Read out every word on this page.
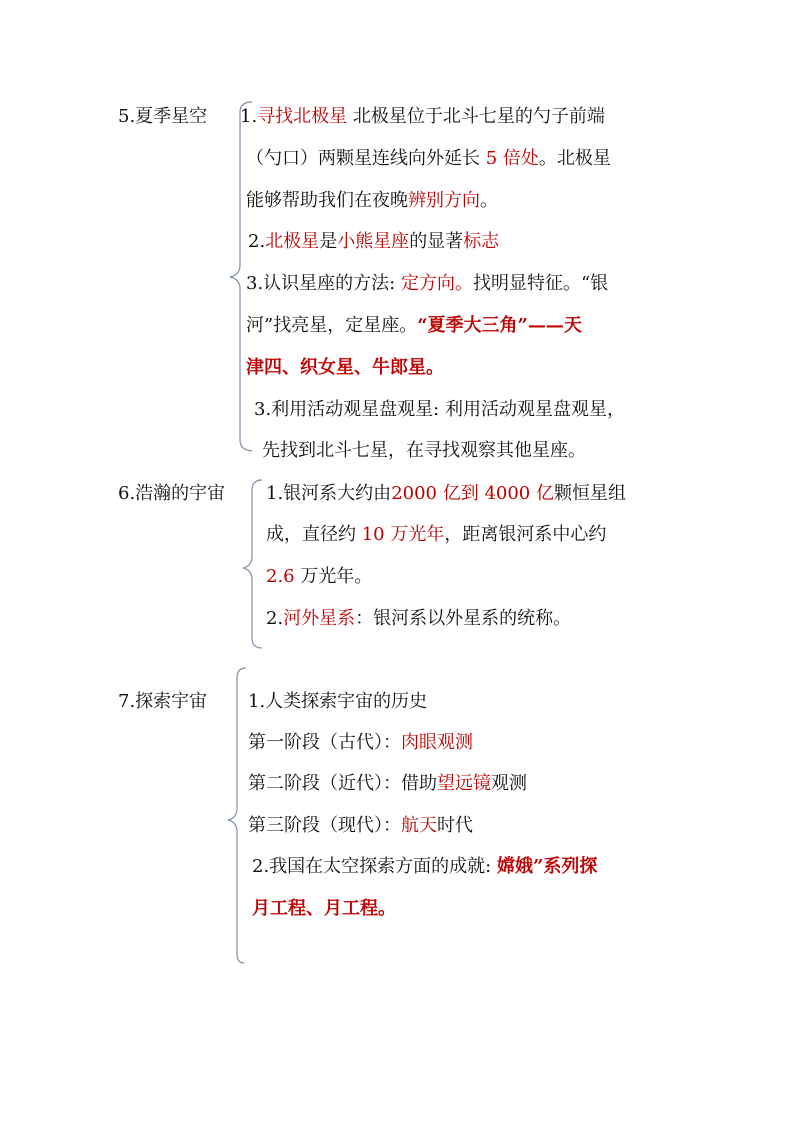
5.夏季星空 1.寻找北极星 北极星位于北斗七星的勺子前端
（勺口）两颗星连线向外延长 5 倍处。北极星
能够帮助我们在夜晚辨别方向。
2.北极星是小熊星座的显著标志
3.认识星座的方法: 定方向。找明显特征。“银
河”找亮星，定星座。“夏季大三角”——天
津四、织女星、牛郎星。
3.利用活动观星盘观星: 利用活动观星盘观星，
先找到北斗七星，在寻找观察其他星座。
6.浩瀚的宇宙 1.银河系大约由2000 亿到 4000 亿颗恒星组
成，直径约 10 万光年，距离银河系中心约
2.6 万光年。
2.河外星系：银河系以外星系的统称。
7.探索宇宙 1.人类探索宇宙的历史
第一阶段（古代）：肉眼观测
第二阶段（近代）：借助望远镜观测
第三阶段（现代）：航天时代
2.我国在太空探索方面的成就: 嫦娥”系列探
月工程、月工程。
